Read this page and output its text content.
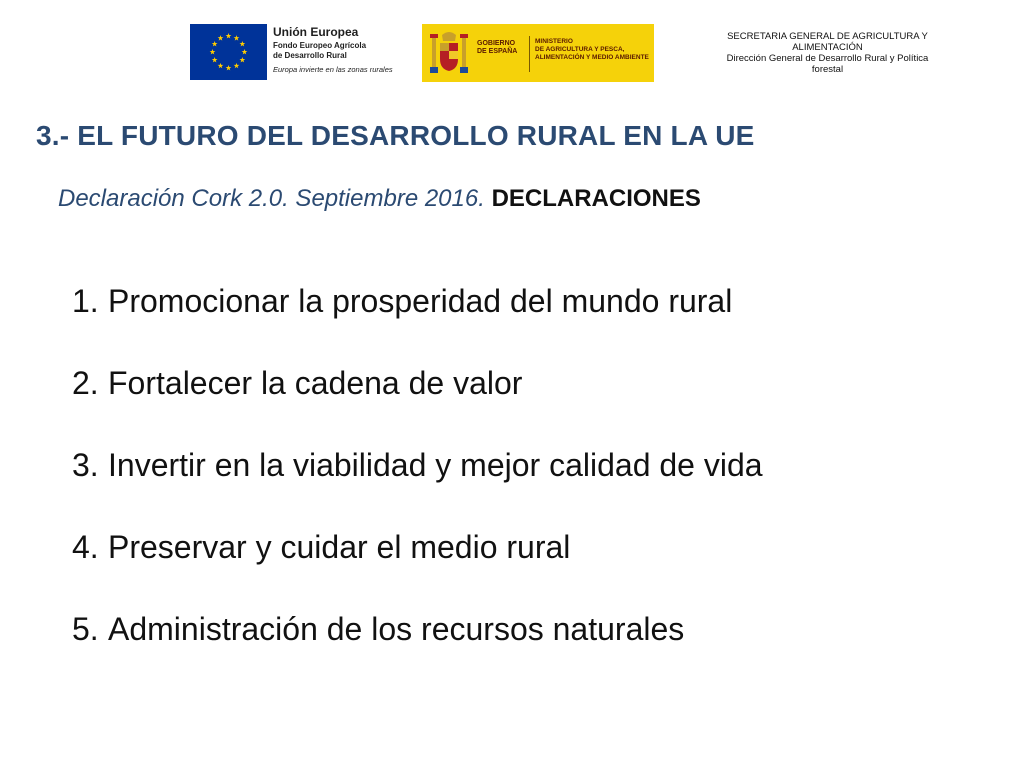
Unión Europea
Fondo Europeo Agrícola
de Desarrollo Rural
Europa invierte en las zonas rurales
GOBIERNO
DE ESPAÑA
MINISTERIO
DE AGRICULTURA Y PESCA,
ALIMENTACIÓN Y MEDIO AMBIENTE
SECRETARIA GENERAL DE AGRICULTURA Y
ALIMENTACIÓN
Dirección General de Desarrollo Rural y Política
forestal
3.- EL FUTURO DEL DESARROLLO RURAL EN LA UE
Declaración Cork 2.0. Septiembre 2016. DECLARACIONES
1. Promocionar la prosperidad del mundo rural
2. Fortalecer la cadena de valor
3. Invertir en la viabilidad y mejor calidad de vida
4. Preservar y cuidar el medio rural
5. Administración de los recursos naturales
